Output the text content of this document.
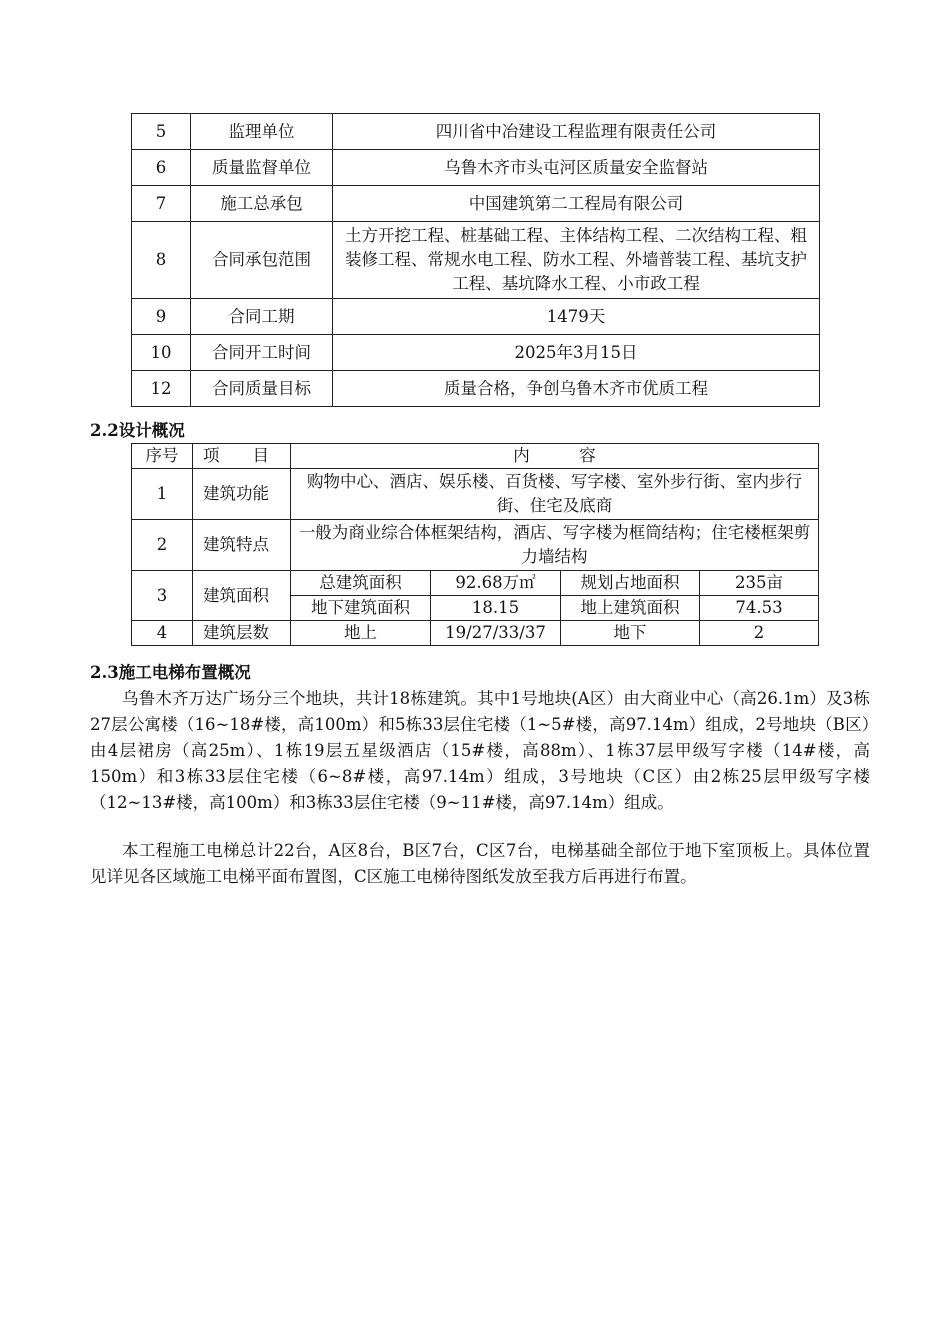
5	监理单位	四川省中冶建设工程监理有限责任公司
6	质量监督单位	乌鲁木齐市头屯河区质量安全监督站
7	施工总承包	中国建筑第二工程局有限公司
8	合同承包范围	土方开挖工程、桩基础工程、主体结构工程、二次结构工程、粗装修工程、常规水电工程、防水工程、外墙普装工程、基坑支护工程、基坑降水工程、小市政工程
9	合同工期	1479天
10	合同开工时间	2025年3月15日
12	合同质量目标	质量合格，争创乌鲁木齐市优质工程
2.2设计概况
序号	项　　目	内　　　容			
1	建筑功能	购物中心、酒店、娱乐楼、百货楼、写字楼、室外步行街、室内步行街、住宅及底商			
2	建筑特点	一般为商业综合体框架结构，酒店、写字楼为框筒结构；住宅楼框架剪力墙结构			
3	建筑面积	总建筑面积	92.68万㎡	规划占地面积	235亩
		地下建筑面积	18.15	地上建筑面积	74.53
4	建筑层数	地上	19/27/33/37	地下	2
2.3施工电梯布置概况

乌鲁木齐万达广场分三个地块，共计18栋建筑。其中1号地块(A区）由大商业中心（高26.1m）及3栋27层公寓楼（16~18#楼，高100m）和5栋33层住宅楼（1~5#楼，高97.14m）组成，2号地块（B区）由4层裙房（高25m）、1栋19层五星级酒店（15#楼，高88m）、1栋37层甲级写字楼（14#楼，高150m）和3栋33层住宅楼（6~8#楼，高97.14m）组成，3号地块（C区）由2栋25层甲级写字楼（12~13#楼，高100m）和3栋33层住宅楼（9~11#楼，高97.14m）组成。

本工程施工电梯总计22台，A区8台，B区7台，C区7台，电梯基础全部位于地下室顶板上。具体位置见详见各区域施工电梯平面布置图，C区施工电梯待图纸发放至我方后再进行布置。
